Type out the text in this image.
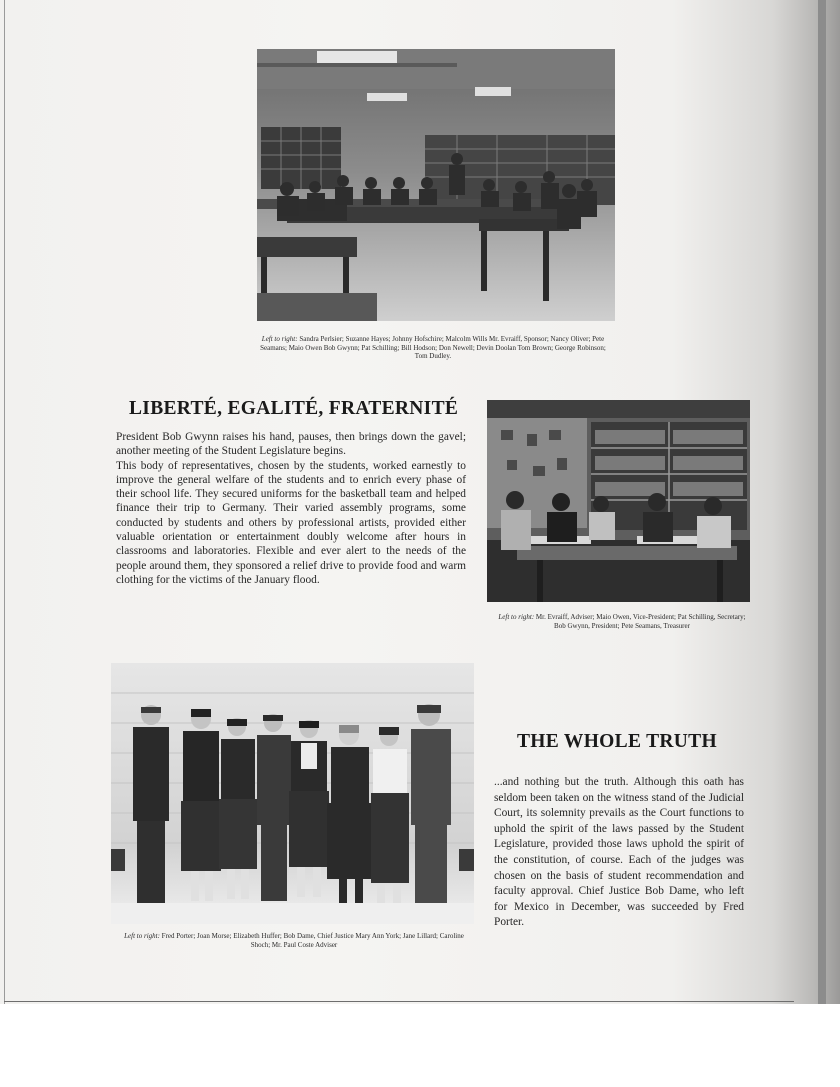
Left to right: Sandra Perlsier; Suzanne Hayes; Johnny Hofschire; Malcolm Wills Mr. Evraiff, Sponsor; Nancy Oliver; Pete Seamans; Maio Owen Bob Gwynn; Pat Schilling; Bill Hodson; Don Newell; Devin Doolan Tom Brown; George Robinson; Tom Dudley.
LIBERTÉ, EGALITÉ, FRATERNITÉ

President Bob Gwynn raises his hand, pauses, then brings down the gavel; another meeting of the Student Legislature begins.

This body of representatives, chosen by the students, worked earnestly to improve the general welfare of the students and to enrich every phase of their school life. They secured uniforms for the basketball team and helped finance their trip to Germany. Their varied assembly programs, some conducted by students and others by professional artists, provided either valuable orientation or entertainment doubly welcome after hours in classrooms and laboratories. Flexible and ever alert to the needs of the people around them, they sponsored a relief drive to provide food and warm clothing for the victims of the January flood.

Left to right: Mr. Evraiff, Adviser; Maio Owen, Vice-President; Pat Schilling, Secretary; Bob Gwynn, President; Pete Seamans, Treasurer
Left to right: Fred Porter; Joan Morse; Elizabeth Huffer; Bob Dame, Chief Justice Mary Ann York; Jane Lillard; Caroline Shoch; Mr. Paul Coste Adviser
THE WHOLE TRUTH

...and nothing but the truth. Although this oath has seldom been taken on the witness stand of the Judicial Court, its solemnity prevails as the Court functions to uphold the spirit of the laws passed by the Student Legislature, provided those laws uphold the spirit of the constitution, of course. Each of the judges was chosen on the basis of student recommendation and faculty approval. Chief Justice Bob Dame, who left for Mexico in December, was succeeded by Fred Porter.
